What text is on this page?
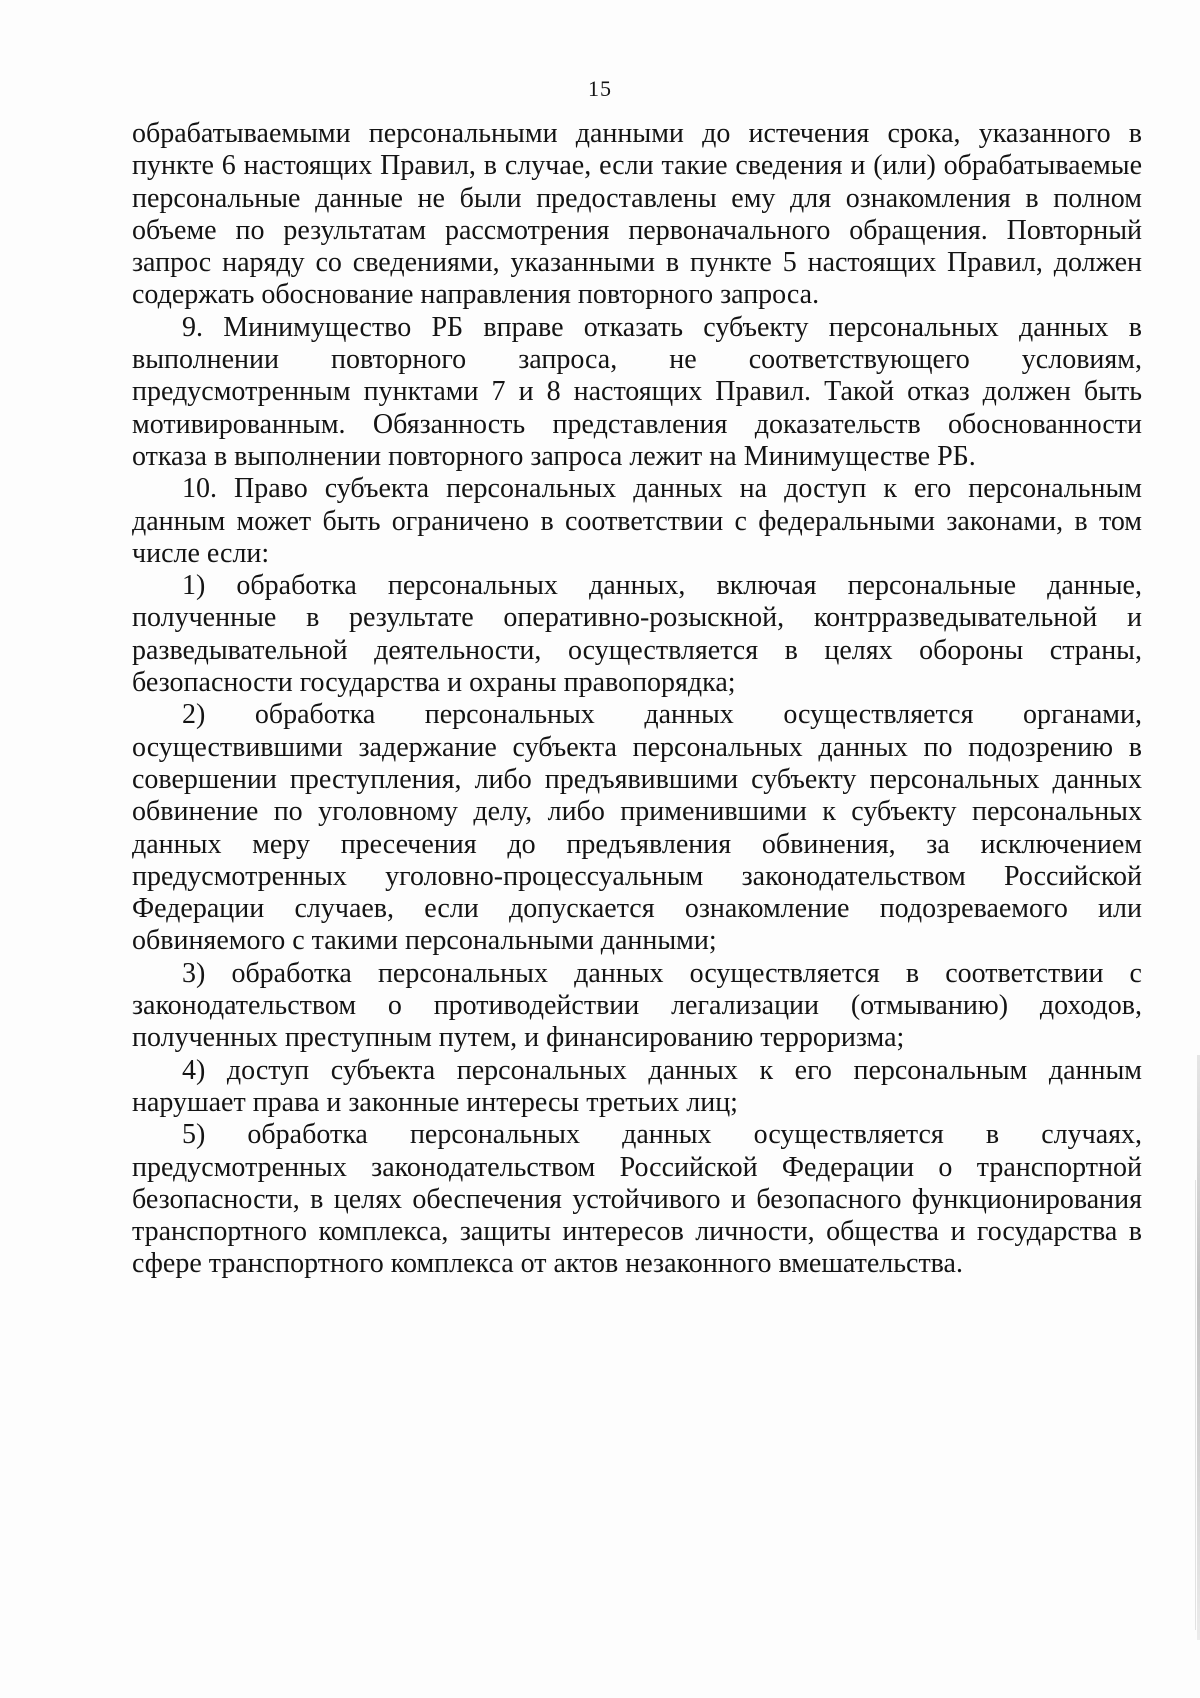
15

обрабатываемыми персональными данными до истечения срока, указанного в пункте 6 настоящих Правил, в случае, если такие сведения и (или) обрабатываемые персональные данные не были предоставлены ему для ознакомления в полном объеме по результатам рассмотрения первоначального обращения. Повторный запрос наряду со сведениями, указанными в пункте 5 настоящих Правил, должен содержать обоснование направления повторного запроса.

9. Минимущество РБ вправе отказать субъекту персональных данных в выполнении повторного запроса, не соответствующего условиям, предусмотренным пунктами 7 и 8 настоящих Правил. Такой отказ должен быть мотивированным. Обязанность представления доказательств обоснованности отказа в выполнении повторного запроса лежит на Минимуществе РБ.

10. Право субъекта персональных данных на доступ к его персональным данным может быть ограничено в соответствии с федеральными законами, в том числе если:

1) обработка персональных данных, включая персональные данные, полученные в результате оперативно-розыскной, контрразведывательной и разведывательной деятельности, осуществляется в целях обороны страны, безопасности государства и охраны правопорядка;

2) обработка персональных данных осуществляется органами, осуществившими задержание субъекта персональных данных по подозрению в совершении преступления, либо предъявившими субъекту персональных данных обвинение по уголовному делу, либо применившими к субъекту персональных данных меру пресечения до предъявления обвинения, за исключением предусмотренных уголовно-процессуальным законодательством Российской Федерации случаев, если допускается ознакомление подозреваемого или обвиняемого с такими персональными данными;

3) обработка персональных данных осуществляется в соответствии с законодательством о противодействии легализации (отмыванию) доходов, полученных преступным путем, и финансированию терроризма;

4) доступ субъекта персональных данных к его персональным данным нарушает права и законные интересы третьих лиц;

5) обработка персональных данных осуществляется в случаях, предусмотренных законодательством Российской Федерации о транспортной безопасности, в целях обеспечения устойчивого и безопасного функционирования транспортного комплекса, защиты интересов личности, общества и государства в сфере транспортного комплекса от актов незаконного вмешательства.
